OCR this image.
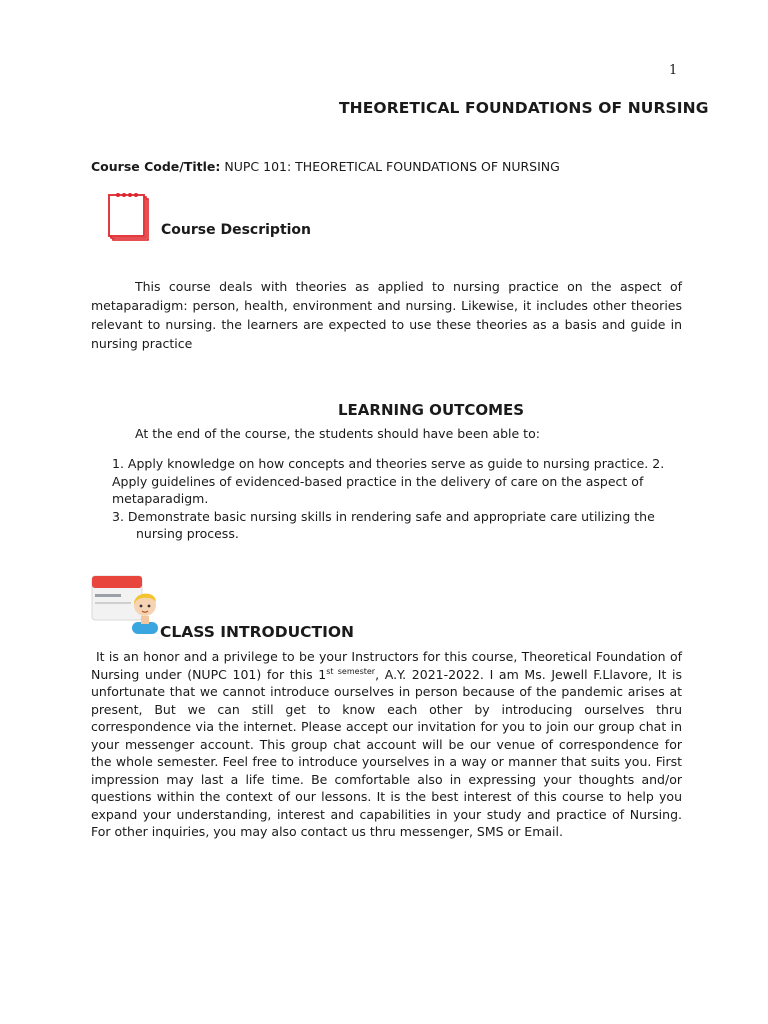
1
THEORETICAL FOUNDATIONS OF NURSING
Course Code/Title: NUPC 101: THEORETICAL FOUNDATIONS OF NURSING
Course Description
This course deals with theories as applied to nursing practice on the aspect of metaparadigm: person, health, environment and nursing. Likewise, it includes other theories relevant to nursing. the learners are expected to use these theories as a basis and guide in nursing practice
LEARNING OUTCOMES
At the end of the course, the students should have been able to:
1. Apply knowledge on how concepts and theories serve as guide to nursing practice. 2.
Apply guidelines of evidenced-based practice in the delivery of care on the aspect of
metaparadigm.
3. Demonstrate basic nursing skills in rendering safe and appropriate care utilizing the
nursing process.
CLASS INTRODUCTION
It is an honor and a privilege to be your Instructors for this course, Theoretical Foundation of Nursing under (NUPC 101) for this $1^{st semester}$, A.Y. 2021-2022. I am Ms. Jewell F.Llavore, It is unfortunate that we cannot introduce ourselves in person because of the pandemic arises at present, But we can still get to know each other by introducing ourselves thru correspondence via the internet. Please accept our invitation for you to join our group chat in your messenger account. This group chat account will be our venue of correspondence for the whole semester. Feel free to introduce yourselves in a way or manner that suits you. First impression may last a life time. Be comfortable also in expressing your thoughts and/or questions within the context of our lessons. It is the best interest of this course to help you expand your understanding, interest and capabilities in your study and practice of Nursing. For other inquiries, you may also contact us thru messenger, SMS or Email.
